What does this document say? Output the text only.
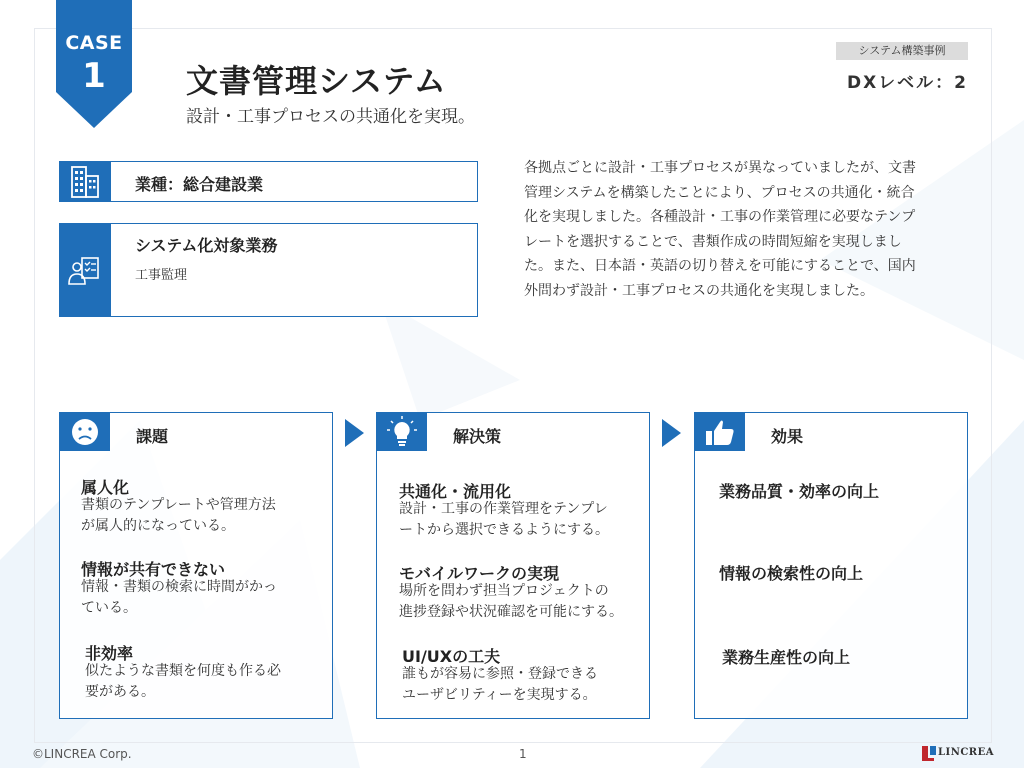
CASE
1	文書管理システム
設計・工事プロセスの共通化を実現。
システム構築事例
DXレベル：2
業種：総合建設業
システム化対象業務
工事監理
各拠点ごとに設計・工事プロセスが異なっていましたが、文書
管理システムを構築したことにより、プロセスの共通化・統合
化を実現しました。各種設計・工事の作業管理に必要なテンプ
レートを選択することで、書類作成の時間短縮を実現しまし
た。また、日本語・英語の切り替えを可能にすることで、国内
外問わず設計・工事プロセスの共通化を実現しました。
課題
属人化
書類のテンプレートや管理方法
が属人的になっている。
情報が共有できない
情報・書類の検索に時間がかっ
ている。
非効率
似たような書類を何度も作る必
要がある。
解決策
共通化・流用化
設計・工事の作業管理をテンプレ
ートから選択できるようにする。
モバイルワークの実現
場所を問わず担当プロジェクトの
進捗登録や状況確認を可能にする。
UI/UXの工夫
誰もが容易に参照・登録できる
ユーザビリティーを実現する。
効果
業務品質・効率の向上
情報の検索性の向上
業務生産性の向上
©LINCREA Corp.	1	LINCREA
